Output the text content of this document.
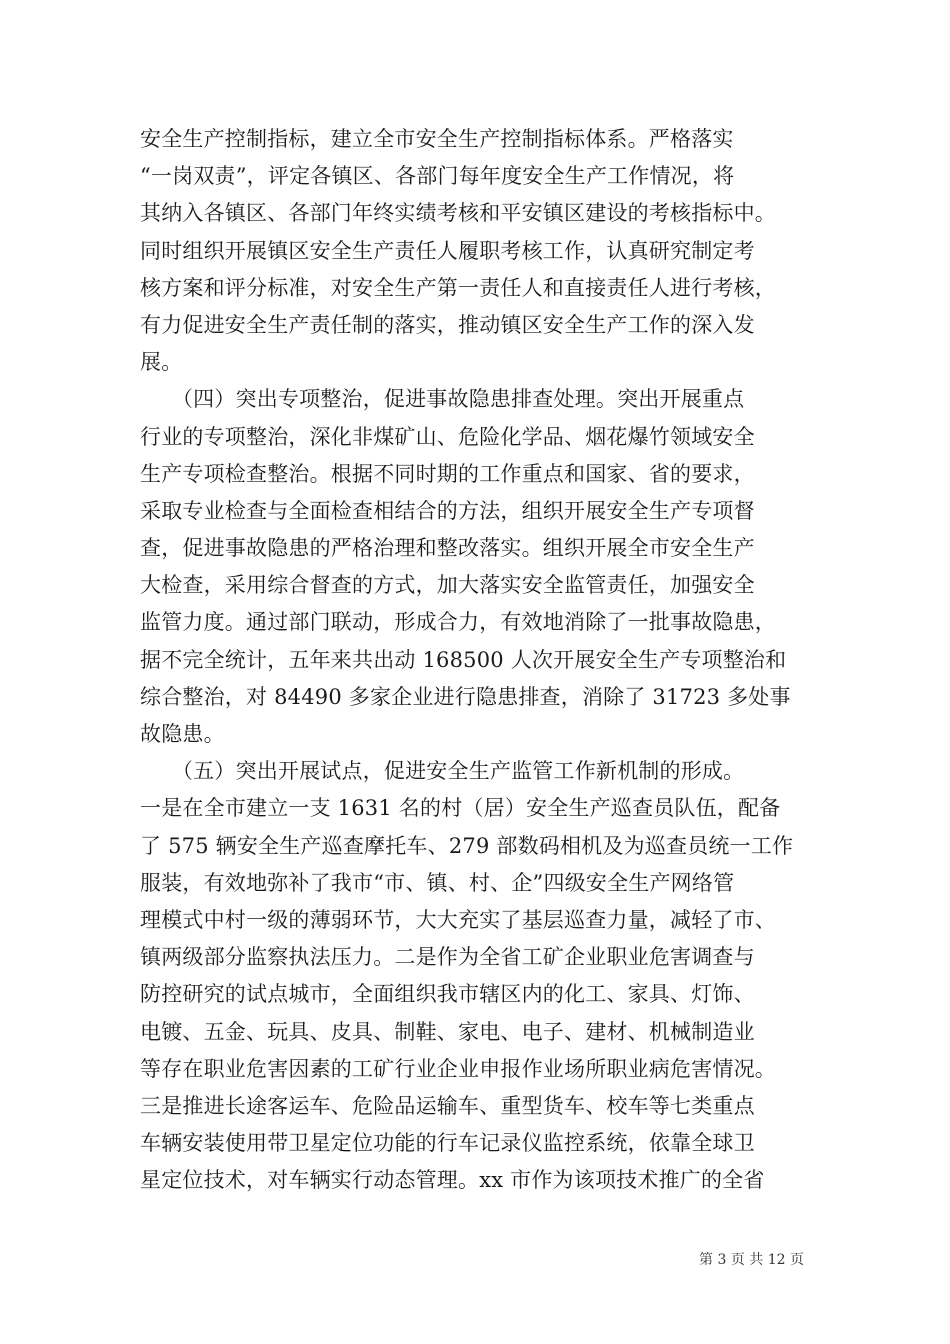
安全生产控制指标，建立全市安全生产控制指标体系。严格落实
“一岗双责”，评定各镇区、各部门每年度安全生产工作情况，将
其纳入各镇区、各部门年终实绩考核和平安镇区建设的考核指标中。
同时组织开展镇区安全生产责任人履职考核工作，认真研究制定考
核方案和评分标准，对安全生产第一责任人和直接责任人进行考核，
有力促进安全生产责任制的落实，推动镇区安全生产工作的深入发
展。
　　（四）突出专项整治，促进事故隐患排查处理。突出开展重点
行业的专项整治，深化非煤矿山、危险化学品、烟花爆竹领域安全
生产专项检查整治。根据不同时期的工作重点和国家、省的要求，
采取专业检查与全面检查相结合的方法，组织开展安全生产专项督
查，促进事故隐患的严格治理和整改落实。组织开展全市安全生产
大检查，采用综合督查的方式，加大落实安全监管责任，加强安全
监管力度。通过部门联动，形成合力，有效地消除了一批事故隐患，
据不完全统计，五年来共出动 168500 人次开展安全生产专项整治和
综合整治，对 84490 多家企业进行隐患排查，消除了 31723 多处事
故隐患。
　　（五）突出开展试点，促进安全生产监管工作新机制的形成。
一是在全市建立一支 1631 名的村（居）安全生产巡查员队伍，配备
了 575 辆安全生产巡查摩托车、279 部数码相机及为巡查员统一工作
服装，有效地弥补了我市“市、镇、村、企”四级安全生产网络管
理模式中村一级的薄弱环节，大大充实了基层巡查力量，减轻了市、
镇两级部分监察执法压力。二是作为全省工矿企业职业危害调查与
防控研究的试点城市，全面组织我市辖区内的化工、家具、灯饰、
电镀、五金、玩具、皮具、制鞋、家电、电子、建材、机械制造业
等存在职业危害因素的工矿行业企业申报作业场所职业病危害情况。
三是推进长途客运车、危险品运输车、重型货车、校车等七类重点
车辆安装使用带卫星定位功能的行车记录仪监控系统，依靠全球卫
星定位技术，对车辆实行动态管理。xx 市作为该项技术推广的全省
第 3 页 共 12 页
